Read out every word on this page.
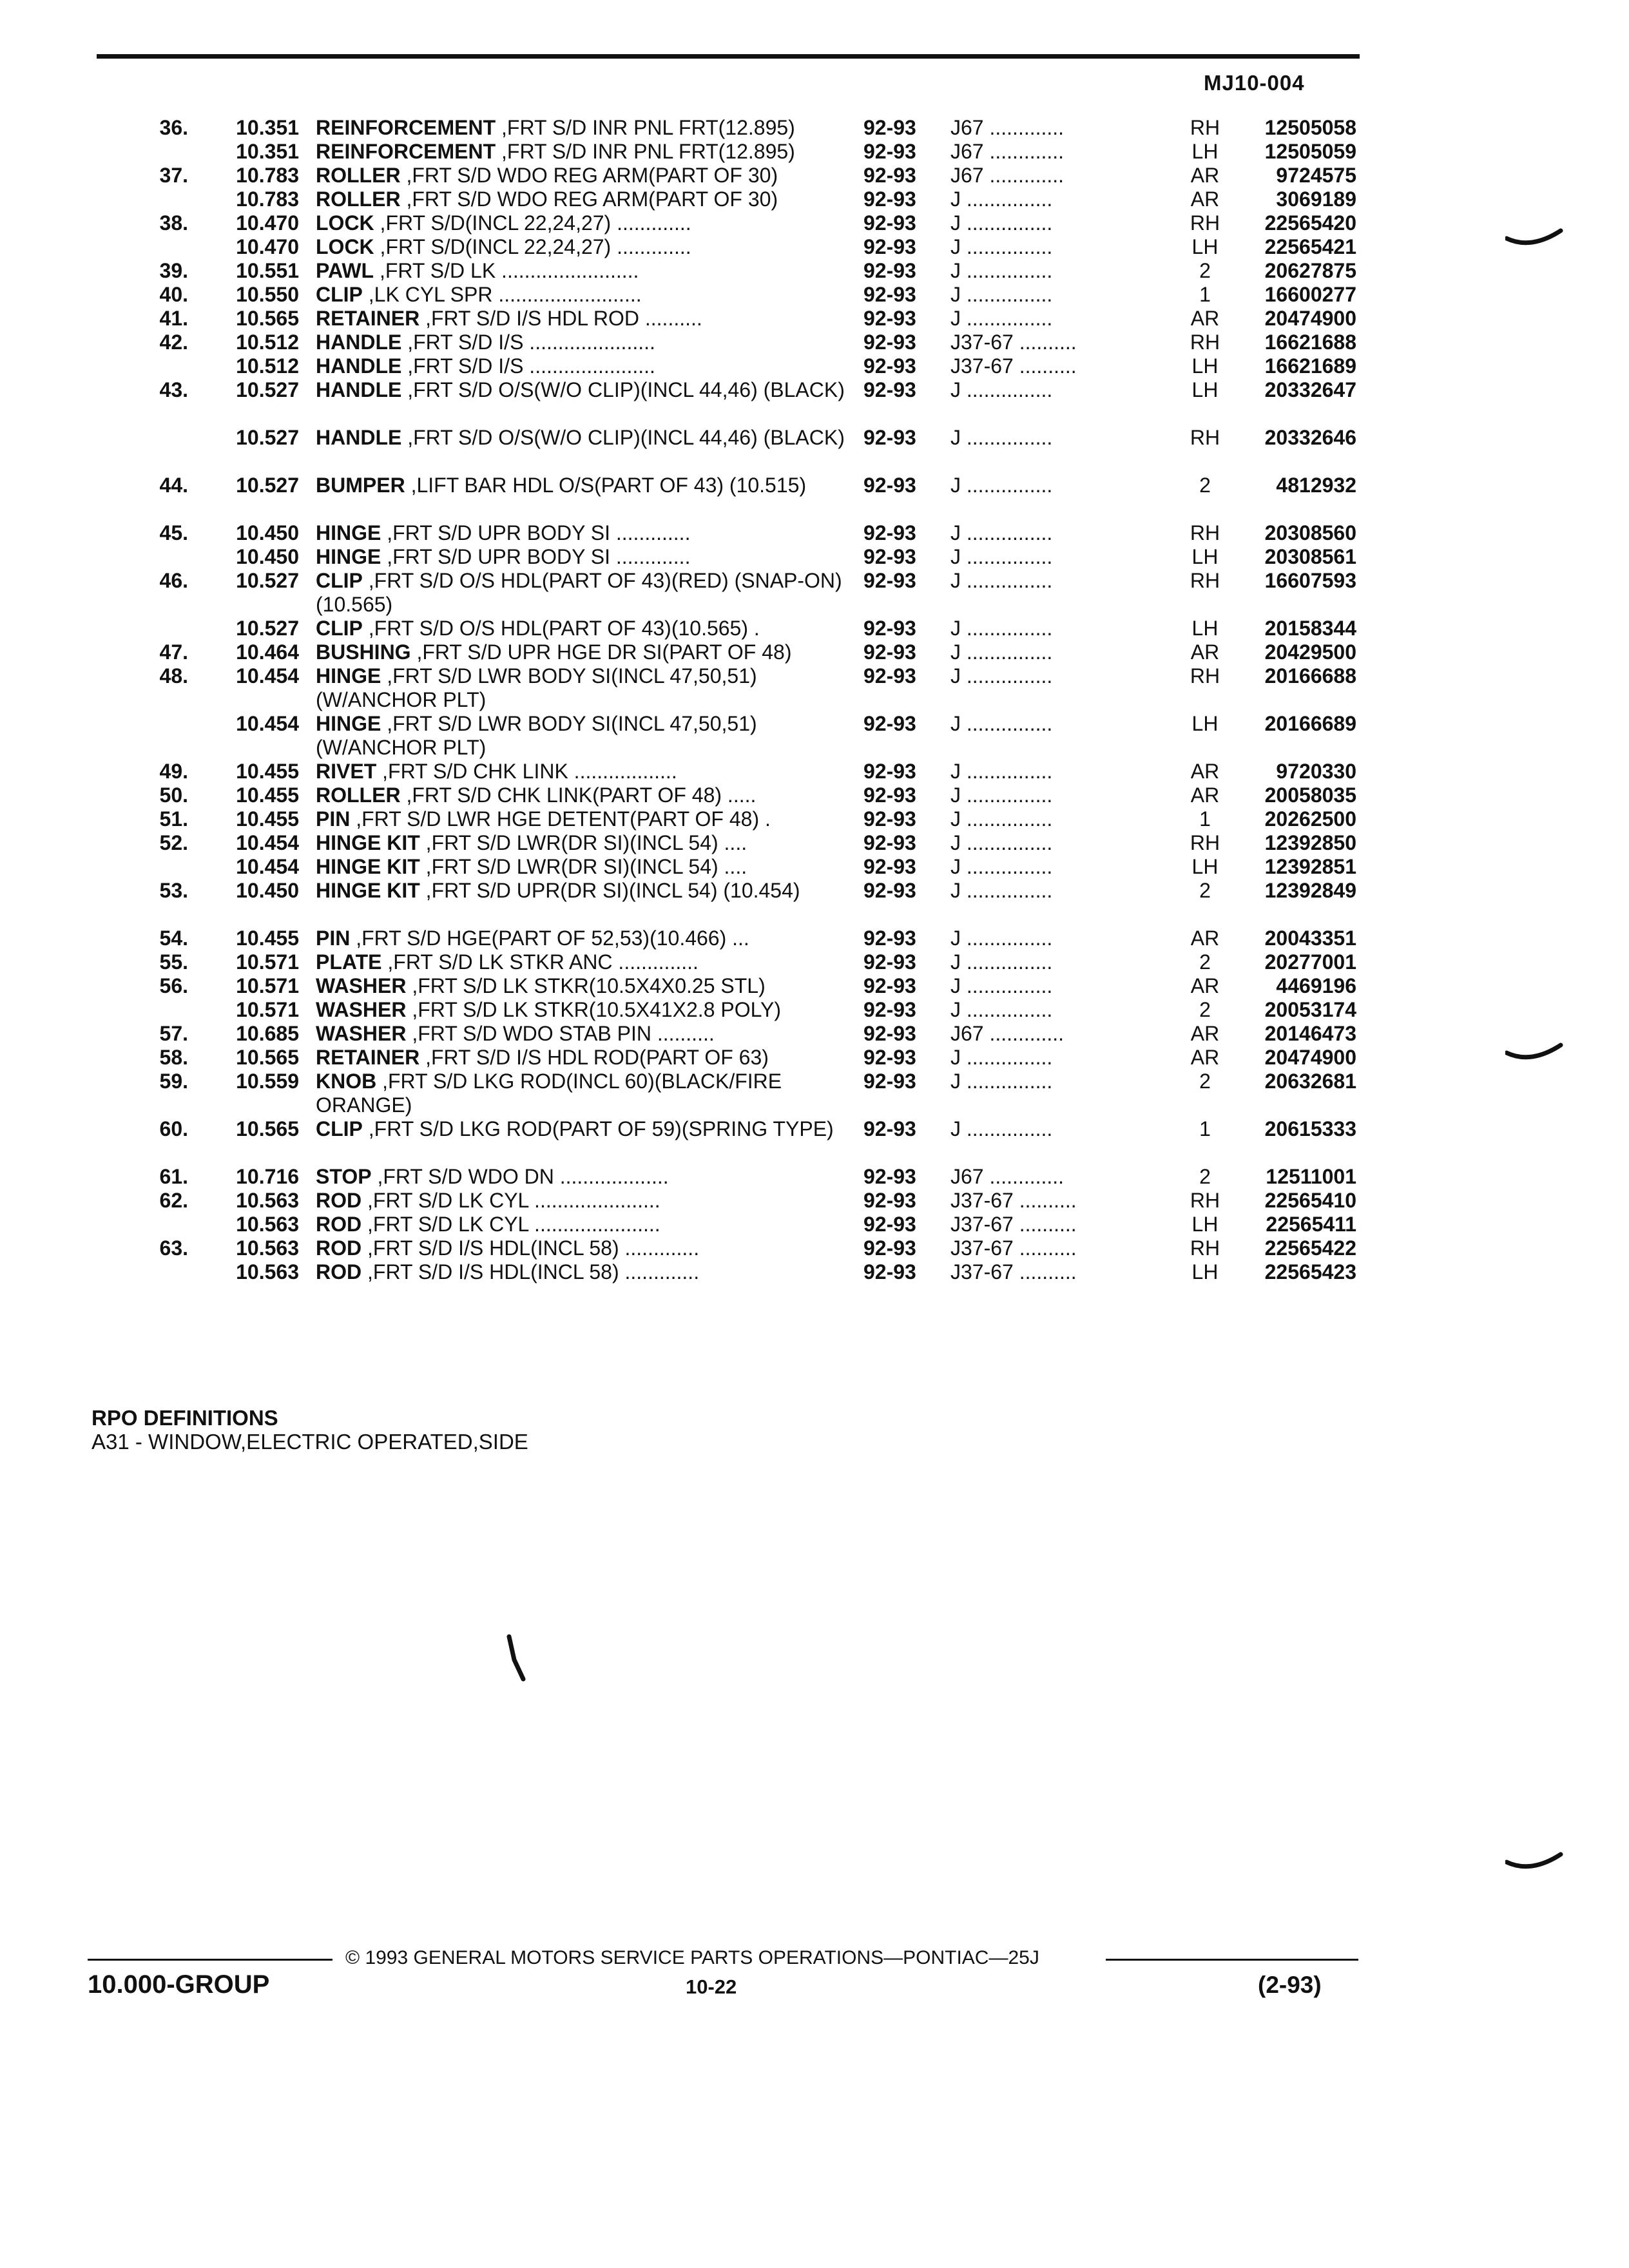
MJ10-004
36.	10.351 REINFORCEMENT ,FRT S/D INR PNL FRT(12.895)	92-93 J67 .............	RH	12505058
10.351 REINFORCEMENT ,FRT S/D INR PNL FRT(12.895)	92-93 J67 .............	LH	12505059
37.	10.783 ROLLER ,FRT S/D WDO REG ARM(PART OF 30)	92-93 J67 .............	AR	9724575
10.783 ROLLER ,FRT S/D WDO REG ARM(PART OF 30)	92-93 J ...............	AR	3069189
38.	10.470 LOCK ,FRT S/D(INCL 22,24,27) .............	92-93 J ...............	RH	22565420
10.470 LOCK ,FRT S/D(INCL 22,24,27) .............	92-93 J ...............	LH	22565421
39.	10.551 PAWL ,FRT S/D LK ........................	92-93 J ...............	2	20627875
40.	10.550 CLIP ,LK CYL SPR .........................	92-93 J ...............	1	16600277
41.	10.565 RETAINER ,FRT S/D I/S HDL ROD ..........	92-93 J ...............	AR	20474900
42.	10.512 HANDLE ,FRT S/D I/S ......................	92-93 J37-67 ..........	RH	16621688
10.512 HANDLE ,FRT S/D I/S ......................	92-93 J37-67 ..........	LH	16621689
43.	10.527 HANDLE ,FRT S/D O/S(W/O CLIP)(INCL 44,46) (BLACK) 92-93 J ...............	LH	20332647
10.527 HANDLE ,FRT S/D O/S(W/O CLIP)(INCL 44,46) (BLACK) 92-93 J ...............	RH	20332646
44.	10.527 BUMPER ,LIFT BAR HDL O/S(PART OF 43) (10.515)	92-93 J ...............	2	4812932
45.	10.450 HINGE ,FRT S/D UPR BODY SI .............	92-93 J ...............	RH	20308560
10.450 HINGE ,FRT S/D UPR BODY SI .............	92-93 J ...............	LH	20308561
46.	10.527 CLIP ,FRT S/D O/S HDL(PART OF 43)(RED) (SNAP-ON)(10.565)
92-93 J ...............	RH	16607593
10.527 CLIP ,FRT S/D O/S HDL(PART OF 43)(10.565) .	92-93 J ...............	LH	20158344
47.	10.464 BUSHING ,FRT S/D UPR HGE DR SI(PART OF 48)	92-93 J ...............	AR	20429500
48.	10.454 HINGE ,FRT S/D LWR BODY SI(INCL 47,50,51) (W/ANCHOR PLT)
92-93 J ...............	RH	20166688
10.454 HINGE ,FRT S/D LWR BODY SI(INCL 47,50,51) (W/ANCHOR PLT)
92-93 J ...............	LH	20166689
49.	10.455 RIVET ,FRT S/D CHK LINK ..................	92-93 J ...............	AR	9720330
50.	10.455 ROLLER ,FRT S/D CHK LINK(PART OF 48) .....	92-93 J ...............	AR	20058035
51.	10.455 PIN ,FRT S/D LWR HGE DETENT(PART OF 48) .	92-93 J ...............	1	20262500
52.	10.454 HINGE KIT ,FRT S/D LWR(DR SI)(INCL 54) ....	92-93 J ...............	RH	12392850
10.454 HINGE KIT ,FRT S/D LWR(DR SI)(INCL 54) ....	92-93 J ...............	LH	12392851
53.	10.450 HINGE KIT ,FRT S/D UPR(DR SI)(INCL 54) (10.454)	92-93 J ...............	2	12392849
54.	10.455 PIN ,FRT S/D HGE(PART OF 52,53)(10.466) ...	92-93 J ...............	AR	20043351
55.	10.571 PLATE ,FRT S/D LK STKR ANC ..............	92-93 J ...............	2	20277001
56.	10.571 WASHER ,FRT S/D LK STKR(10.5X4X0.25 STL)	92-93 J ...............	AR	4469196
10.571 WASHER ,FRT S/D LK STKR(10.5X41X2.8 POLY)	92-93 J ...............	2	20053174
57.	10.685 WASHER ,FRT S/D WDO STAB PIN ..........	92-93 J67 .............	AR	20146473
58.	10.565 RETAINER ,FRT S/D I/S HDL ROD(PART OF 63)	92-93 J ...............	AR	20474900
59.	10.559 KNOB ,FRT S/D LKG ROD(INCL 60)(BLACK/FIRE ORANGE)
92-93 J ...............	2	20632681
60.	10.565 CLIP ,FRT S/D LKG ROD(PART OF 59)(SPRING TYPE)	92-93 J ...............	1	20615333
61.	10.716 STOP ,FRT S/D WDO DN ...................	92-93 J67 .............	2	12511001
62.	10.563 ROD ,FRT S/D LK CYL ......................	92-93 J37-67 ..........	RH	22565410
10.563 ROD ,FRT S/D LK CYL ......................	92-93 J37-67 ..........	LH	22565411
63.	10.563 ROD ,FRT S/D I/S HDL(INCL 58) .............	92-93 J37-67 ..........	RH	22565422
10.563 ROD ,FRT S/D I/S HDL(INCL 58) .............	92-93 J37-67 ..........	LH	22565423
RPO DEFINITIONS
A31 - WINDOW,ELECTRIC OPERATED,SIDE
© 1993 GENERAL MOTORS SERVICE PARTS OPERATIONS—PONTIAC—25J
10.000-GROUP	10-22	(2-93)
